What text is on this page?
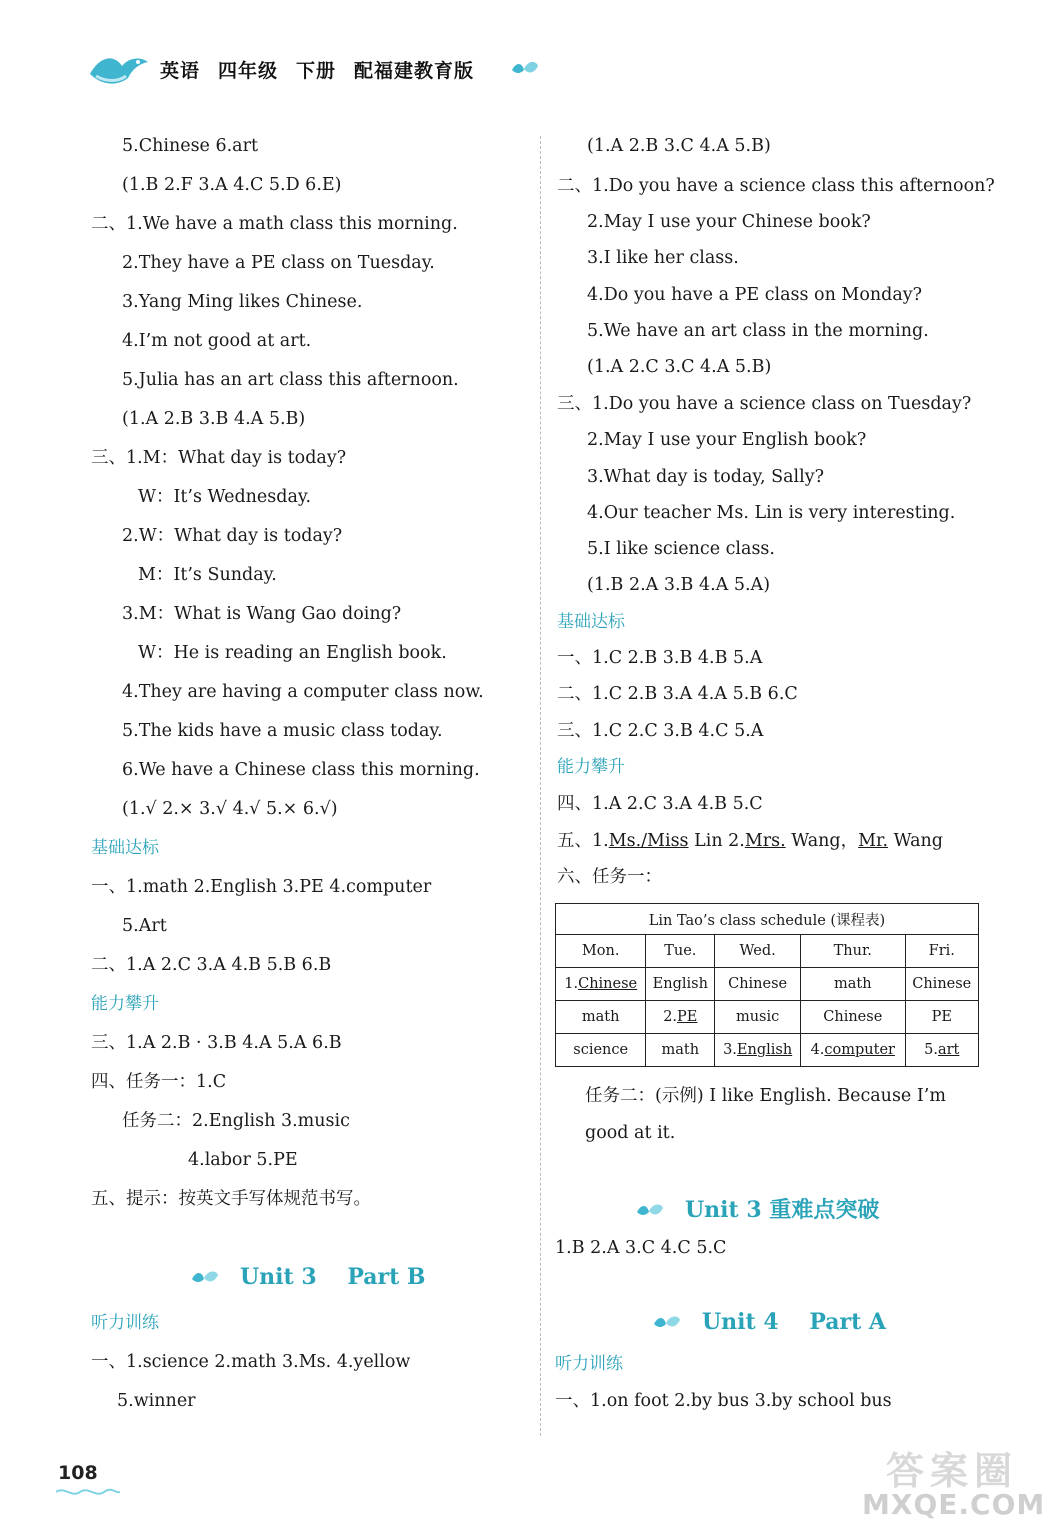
英语 四年级 下册 配福建教育版
5.Chinese 6.art
(1.B 2.F 3.A 4.C 5.D 6.E)
二、1.We have a math class this morning.
2.They have a PE class on Tuesday.
3.Yang Ming likes Chinese.
4.I’m not good at art.
5.Julia has an art class this afternoon.
(1.A 2.B 3.B 4.A 5.B)
三、1.M：What day is today?
W：It’s Wednesday.
2.W：What day is today?
M：It’s Sunday.
3.M：What is Wang Gao doing?
W：He is reading an English book.
4.They are having a computer class now.
5.The kids have a music class today.
6.We have a Chinese class this morning.
(1.√ 2.× 3.√ 4.√ 5.× 6.√)
基础达标
一、1.math 2.English 3.PE 4.computer
5.Art
二、1.A 2.C 3.A 4.B 5.B 6.B
能力攀升
三、1.A 2.B · 3.B 4.A 5.A 6.B
四、任务一：1.C
任务二：2.English 3.music
4.labor 5.PE
五、提示：按英文手写体规范书写。
听力训练
一、1.science 2.math 3.Ms. 4.yellow
5.winner
(1.A 2.B 3.C 4.A 5.B)
二、1.Do you have a science class this afternoon?
2.May I use your Chinese book?
3.I like her class.
4.Do you have a PE class on Monday?
5.We have an art class in the morning.
(1.A 2.C 3.C 4.A 5.B)
三、1.Do you have a science class on Tuesday?
2.May I use your English book?
3.What day is today, Sally?
4.Our teacher Ms. Lin is very interesting.
5.I like science class.
(1.B 2.A 3.B 4.A 5.A)
基础达标
一、1.C 2.B 3.B 4.B 5.A
二、1.C 2.B 3.A 4.A 5.B 6.C
三、1.C 2.C 3.B 4.C 5.A
能力攀升
四、1.A 2.C 3.A 4.B 5.C
六、任务一：
任务二：(示例) I like English. Because I’m
good at it.
1.B 2.A 3.C 4.C 5.C
听力训练
一、1.on foot 2.by bus 3.by school bus
五、1.Ms./Miss Lin 2.Mrs. Wang，Mr. Wang
Unit 3 Part B
Unit 3 重难点突破
Unit 4 Part A
Lin Tao’s class schedule (课程表)				
Mon.	Tue.	Wed.	Thur.	Fri.
1.Chinese	English	Chinese	math	Chinese
math	2.PE	music	Chinese	PE
science	math	3.English	4.computer	5.art
108	答案圈
MXQE.COM
